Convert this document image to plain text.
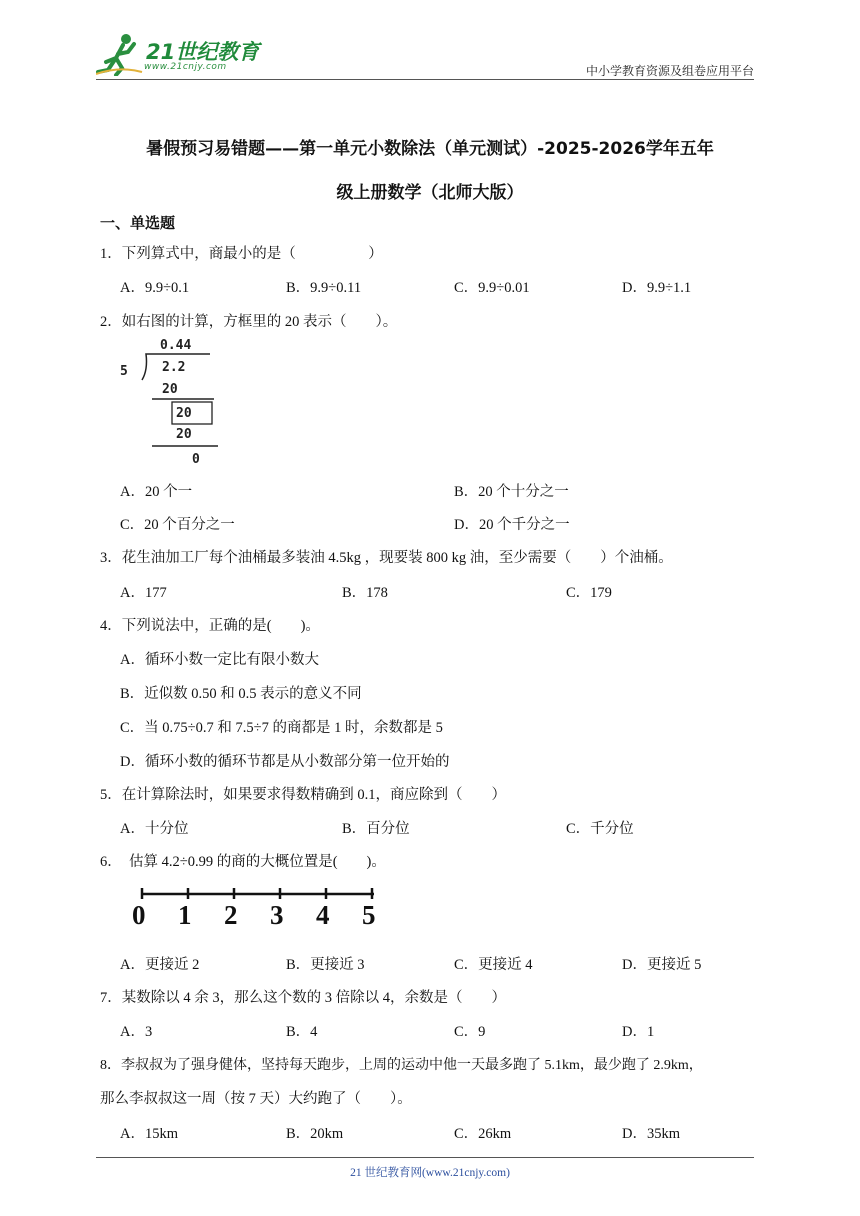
21世纪教育
www.21cnjy.com	中小学教育资源及组卷应用平台
暑假预习易错题——第一单元小数除法（单元测试）-2025-2026学年五年
级上册数学（北师大版）
一、单选题
1．下列算式中，商最小的是（　　　　　）
A．9.9÷0.1	B．9.9÷0.11	C．9.9÷0.01	D．9.9÷1.1
2．如右图的计算，方框里的 20 表示（　　）。
0.44
5	2.2
20
20
20
0
A．20 个一	B．20 个十分之一
C．20 个百分之一	D．20 个千分之一
3．花生油加工厂每个油桶最多装油 4.5kg ，现要装 800 kg 油，至少需要（　　）个油桶。
A．177	B．178	C．179
4．下列说法中，正确的是(　　)。
A．循环小数一定比有限小数大
B．近似数 0.50 和 0.5 表示的意义不同
C．当 0.75÷0.7 和 7.5÷7 的商都是 1 时，余数都是 5
D．循环小数的循环节都是从小数部分第一位开始的
5．在计算除法时，如果要求得数精确到 0.1，商应除到（　　）
A．十分位	B．百分位	C．千分位
6．　估算 4.2÷0.99 的商的大概位置是(　　)。
0 1 2 3 4 5
A．更接近 2	B．更接近 3	C．更接近 4	D．更接近 5
7．某数除以 4 余 3，那么这个数的 3 倍除以 4，余数是（　　）
A．3	B．4	C．9	D．1
8．李叔叔为了强身健体，坚持每天跑步，上周的运动中他一天最多跑了 5.1km，最少跑了 2.9km，
那么李叔叔这一周（按 7 天）大约跑了（　　）。
A．15km	B．20km	C．26km	D．35km
21 世纪教育网(www.21cnjy.com)
